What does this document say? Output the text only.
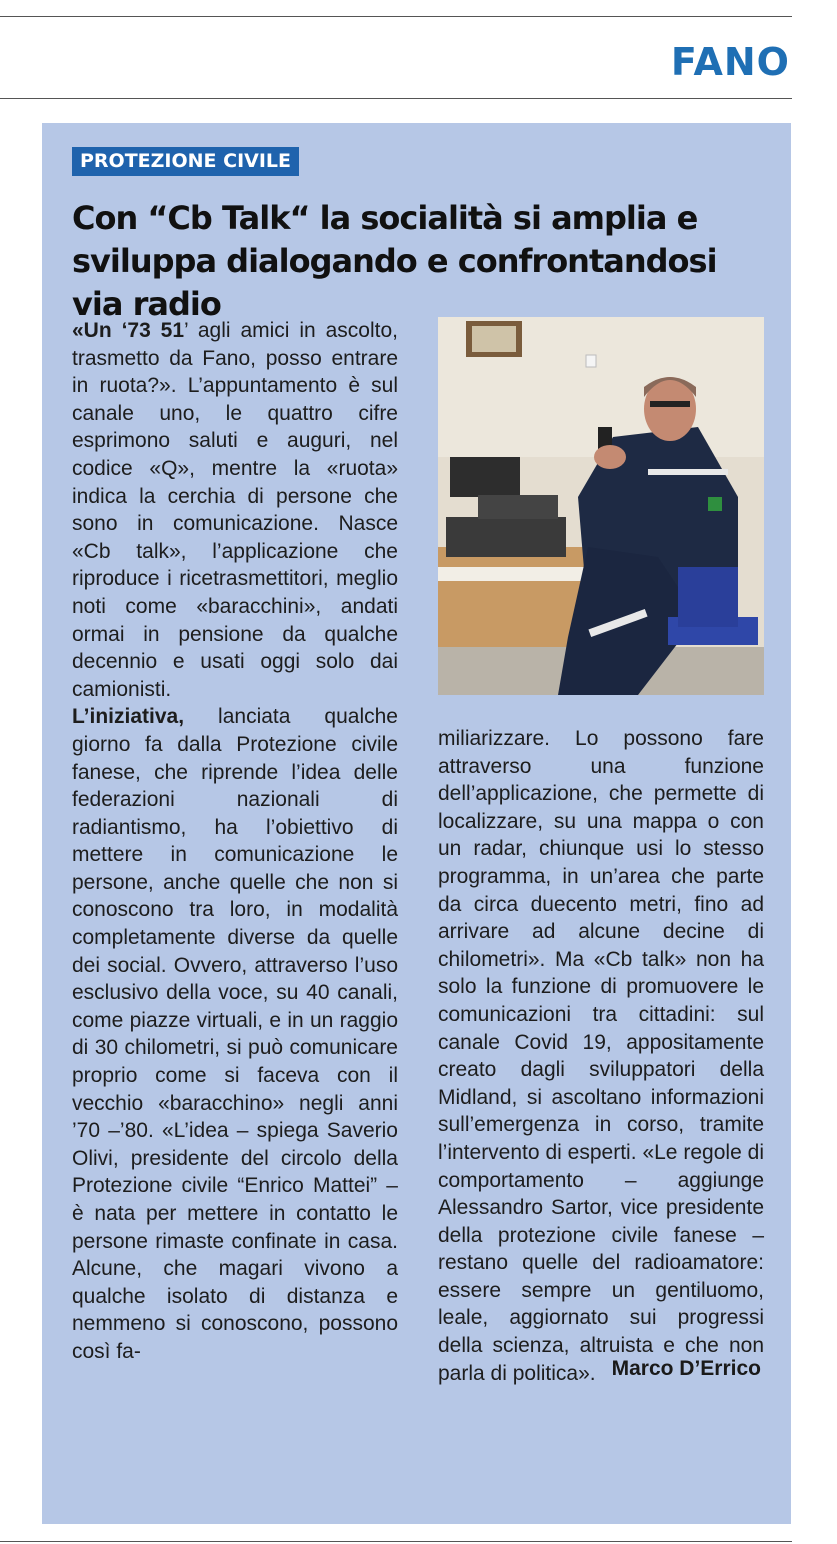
FANO
PROTEZIONE CIVILE
Con “Cb Talk“ la socialità si amplia e sviluppa dialogando e confrontandosi via radio

«Un ‘73 51’ agli amici in ascolto, trasmetto da Fano, posso entrare in ruota?». L’appuntamento è sul canale uno, le quattro cifre esprimono saluti e auguri, nel codice «Q», mentre la «ruota» indica la cerchia di persone che sono in comunicazione. Nasce «Cb talk», l’applicazione che riproduce i ricetrasmettitori, meglio noti come «baracchini», andati ormai in pensione da qualche decennio e usati oggi solo dai camionisti.

L’iniziativa, lanciata qualche giorno fa dalla Protezione civile fanese, che riprende l’idea delle federazioni nazionali di radiantismo, ha l’obiettivo di mettere in comunicazione le persone, anche quelle che non si conoscono tra loro, in modalità completamente diverse da quelle dei social. Ovvero, attraverso l’uso esclusivo della voce, su 40 canali, come piazze virtuali, e in un raggio di 30 chilometri, si può comunicare proprio come si faceva con il vecchio «baracchino» negli anni ’70 –’80. «L’idea – spiega Saverio Olivi, presidente del circolo della Protezione civile “Enrico Mattei” – è nata per mettere in contatto le persone rimaste confinate in casa. Alcune, che magari vivono a qualche isolato di distanza e nemmeno si conoscono, possono così fa-

miliarizzare. Lo possono fare attraverso una funzione dell’applicazione, che permette di localizzare, su una mappa o con un radar, chiunque usi lo stesso programma, in un’area che parte da circa duecento metri, fino ad arrivare ad alcune decine di chilometri». Ma «Cb talk» non ha solo la funzione di promuovere le comunicazioni tra cittadini: sul canale Covid 19, appositamente creato dagli sviluppatori della Midland, si ascoltano informazioni sull’emergenza in corso, tramite l’intervento di esperti. «Le regole di comportamento – aggiunge Alessandro Sartor, vice presidente della protezione civile fanese – restano quelle del radioamatore: essere sempre un gentiluomo, leale, aggiornato sui progressi della scienza, altruista e che non parla di politica». Marco D’Errico
